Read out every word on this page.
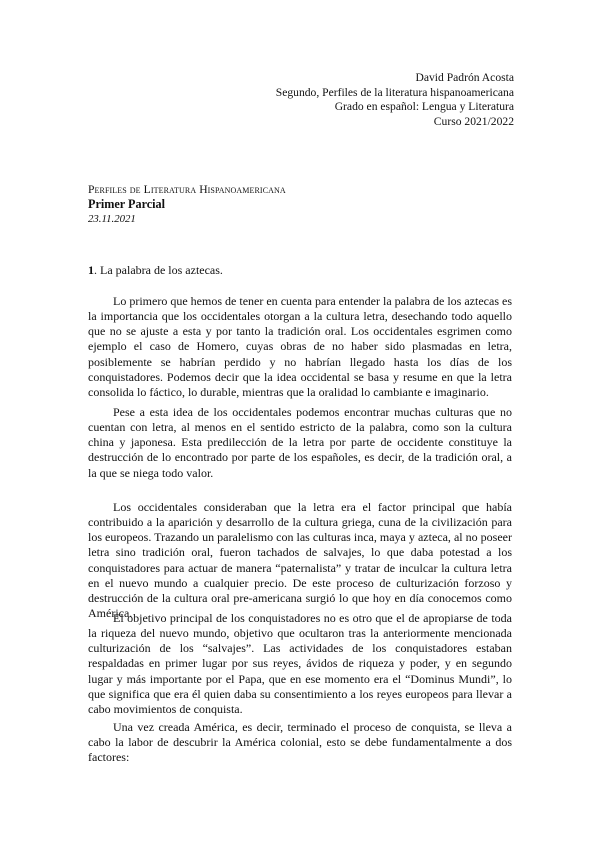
David Padrón Acosta
Segundo, Perfiles de la literatura hispanoamericana
Grado en español: Lengua y Literatura
Curso 2021/2022
Perfiles de Literatura Hispanoamericana
Primer Parcial
23.11.2021
1. La palabra de los aztecas.

Lo primero que hemos de tener en cuenta para entender la palabra de los aztecas es la importancia que los occidentales otorgan a la cultura letra, desechando todo aquello que no se ajuste a esta y por tanto la tradición oral. Los occidentales esgrimen como ejemplo el caso de Homero, cuyas obras de no haber sido plasmadas en letra, posiblemente se habrían perdido y no habrían llegado hasta los días de los conquistadores. Podemos decir que la idea occidental se basa y resume en que la letra consolida lo fáctico, lo durable, mientras que la oralidad lo cambiante e imaginario.

Pese a esta idea de los occidentales podemos encontrar muchas culturas que no cuentan con letra, al menos en el sentido estricto de la palabra, como son la cultura china y japonesa. Esta predilección de la letra por parte de occidente constituye la destrucción de lo encontrado por parte de los españoles, es decir, de la tradición oral, a la que se niega todo valor.

Los occidentales consideraban que la letra era el factor principal que había contribuido a la aparición y desarrollo de la cultura griega, cuna de la civilización para los europeos. Trazando un paralelismo con las culturas inca, maya y azteca, al no poseer letra sino tradición oral, fueron tachados de salvajes, lo que daba potestad a los conquistadores para actuar de manera “paternalista” y tratar de inculcar la cultura letra en el nuevo mundo a cualquier precio. De este proceso de culturización forzoso y destrucción de la cultura oral pre-americana surgió lo que hoy en día conocemos como América.

El objetivo principal de los conquistadores no es otro que el de apropiarse de toda la riqueza del nuevo mundo, objetivo que ocultaron tras la anteriormente mencionada culturización de los “salvajes”. Las actividades de los conquistadores estaban respaldadas en primer lugar por sus reyes, ávidos de riqueza y poder, y en segundo lugar y más importante por el Papa, que en ese momento era el “Dominus Mundi”, lo que significa que era él quien daba su consentimiento a los reyes europeos para llevar a cabo movimientos de conquista.

Una vez creada América, es decir, terminado el proceso de conquista, se lleva a cabo la labor de descubrir la América colonial, esto se debe fundamentalmente a dos factores:
